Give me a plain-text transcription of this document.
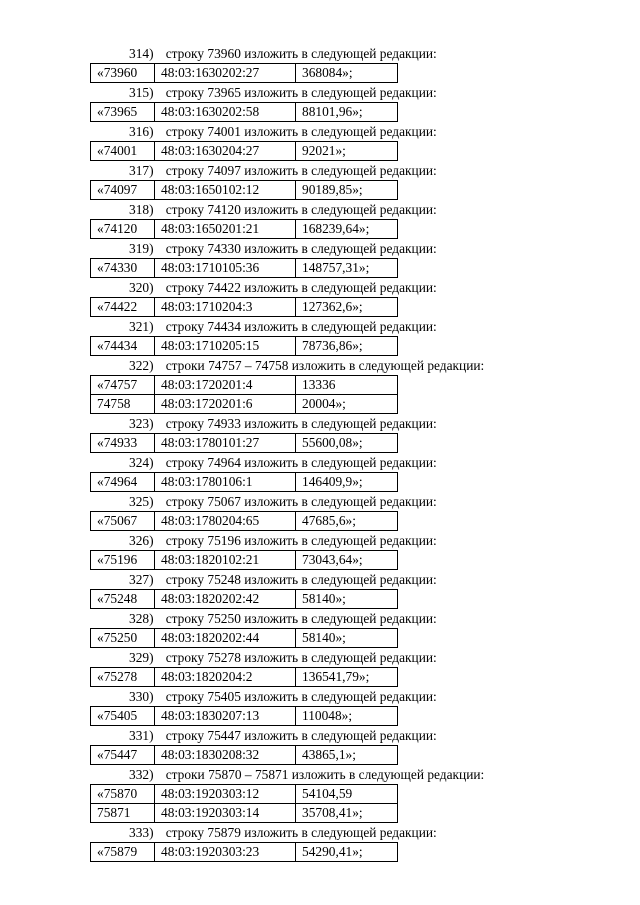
314) строку 73960 изложить в следующей редакции:
«73960	48:03:1630202:27	368084»;
315) строку 73965 изложить в следующей редакции:
«73965	48:03:1630202:58	88101,96»;
316) строку 74001 изложить в следующей редакции:
«74001	48:03:1630204:27	92021»;
317) строку 74097 изложить в следующей редакции:
«74097	48:03:1650102:12	90189,85»;
318) строку 74120 изложить в следующей редакции:
«74120	48:03:1650201:21	168239,64»;
319) строку 74330 изложить в следующей редакции:
«74330	48:03:1710105:36	148757,31»;
320) строку 74422 изложить в следующей редакции:
«74422	48:03:1710204:3	127362,6»;
321) строку 74434 изложить в следующей редакции:
«74434	48:03:1710205:15	78736,86»;
322) строки 74757 – 74758 изложить в следующей редакции:
«74757	48:03:1720201:4	13336
74758	48:03:1720201:6	20004»;
323) строку 74933 изложить в следующей редакции:
«74933	48:03:1780101:27	55600,08»;
324) строку 74964 изложить в следующей редакции:
«74964	48:03:1780106:1	146409,9»;
325) строку 75067 изложить в следующей редакции:
«75067	48:03:1780204:65	47685,6»;
326) строку 75196 изложить в следующей редакции:
«75196	48:03:1820102:21	73043,64»;
327) строку 75248 изложить в следующей редакции:
«75248	48:03:1820202:42	58140»;
328) строку 75250 изложить в следующей редакции:
«75250	48:03:1820202:44	58140»;
329) строку 75278 изложить в следующей редакции:
«75278	48:03:1820204:2	136541,79»;
330) строку 75405 изложить в следующей редакции:
«75405	48:03:1830207:13	110048»;
331) строку 75447 изложить в следующей редакции:
«75447	48:03:1830208:32	43865,1»;
332) строки 75870 – 75871 изложить в следующей редакции:
«75870	48:03:1920303:12	54104,59
75871	48:03:1920303:14	35708,41»;
333) строку 75879 изложить в следующей редакции:
«75879	48:03:1920303:23	54290,41»;
